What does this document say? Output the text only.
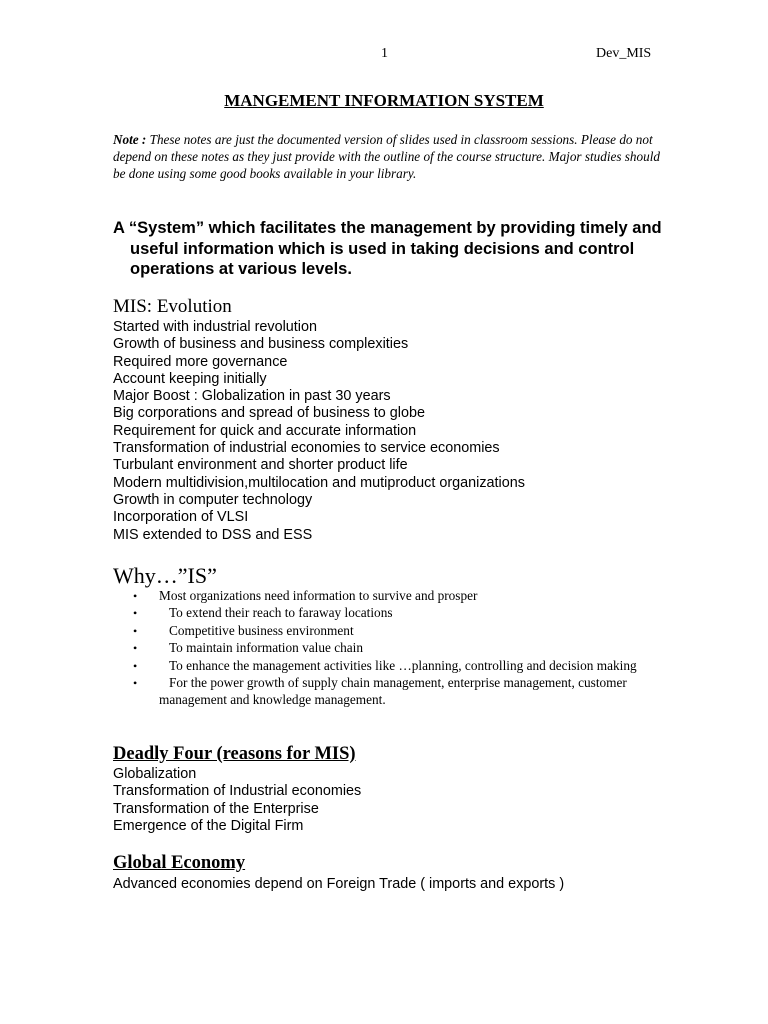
1	Dev_MIS
MANGEMENT INFORMATION SYSTEM
Note : These notes are just the documented version of slides used in classroom sessions. Please do not depend on these notes as they just provide with the outline of the course structure. Major studies should be done using some good books available in your library.
A “System” which facilitates the management by providing timely and useful information which is used in taking decisions and control operations at various levels.
MIS: Evolution
Started with industrial revolution
Growth of business and business complexities
Required more governance
Account keeping initially
Major Boost : Globalization in past 30 years
Big corporations and spread of business to globe
Requirement for quick and accurate information
Transformation of industrial economies to service economies
Turbulant environment and shorter product life
Modern multidivision,multilocation and mutiproduct organizations
Growth in computer technology
Incorporation of VLSI
MIS extended to DSS and ESS
Why…”IS”
• Most organizations need information to survive and prosper
• To extend their reach to faraway locations
• Competitive business environment
• To maintain information value chain
• To enhance the management activities like …planning, controlling and decision making
• For the power growth of supply chain management, enterprise management, customer management and knowledge management.
Deadly Four (reasons for MIS)
Globalization
Transformation of Industrial economies
Transformation of the Enterprise
Emergence of the Digital Firm
Global Economy
Advanced economies depend on Foreign Trade ( imports and exports )
